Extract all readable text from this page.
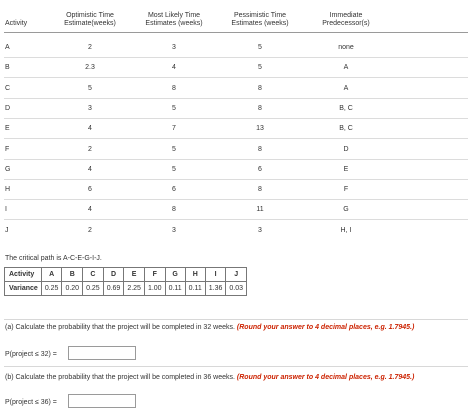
Activity
Optimistic Time
Estimate(weeks)
Most Likely Time
Estimates (weeks)
Pessimistic Time
Estimates (weeks)
Immediate
Predecessor(s)
A	2	3	5	none
B	2.3	4	5	A
C	5	8	8	A
D	3	5	8	B, C
E	4	7	13	B, C
F	2	5	8	D
G	4	5	6	E
H	6	6	8	F
I	4	8	11	G
J	2	3	3	H, I
The critical path is A-C-E-G-I-J.
Activity	A	B	C	D	E	F	G	H	I	J
Variance	0.25	0.20	0.25	0.69	2.25	1.00	0.11	0.11	1.36	0.03
(a) Calculate the probability that the project will be completed in 32 weeks. (Round your answer to 4 decimal places, e.g. 1.7945.)
P(project ≤ 32) =
(b) Calculate the probability that the project will be completed in 36 weeks. (Round your answer to 4 decimal places, e.g. 1.7945.)
P(project ≤ 36) =
